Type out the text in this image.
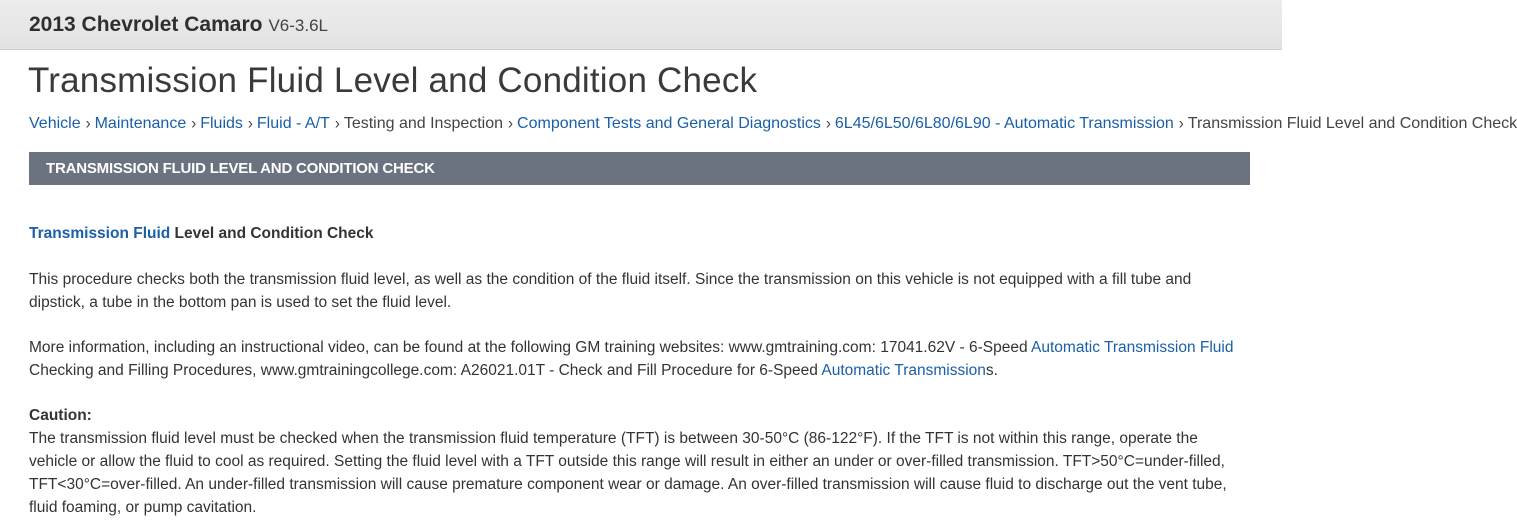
2013 Chevrolet Camaro V6-3.6L
Transmission Fluid Level and Condition Check
Vehicle › Maintenance › Fluids › Fluid - A/T › Testing and Inspection › Component Tests and General Diagnostics › 6L45/6L50/6L80/6L90 - Automatic Transmission › Transmission Fluid Level and Condition Check
TRANSMISSION FLUID LEVEL AND CONDITION CHECK

Transmission Fluid Level and Condition Check

This procedure checks both the transmission fluid level, as well as the condition of the fluid itself. Since the transmission on this vehicle is not equipped with a fill tube and dipstick, a tube in the bottom pan is used to set the fluid level.

More information, including an instructional video, can be found at the following GM training websites: www.gmtraining.com: 17041.62V - 6-Speed Automatic Transmission Fluid Checking and Filling Procedures, www.gmtrainingcollege.com: A26021.01T - Check and Fill Procedure for 6-Speed Automatic Transmissions.

Caution:
The transmission fluid level must be checked when the transmission fluid temperature (TFT) is between 30-50°C (86-122°F). If the TFT is not within this range, operate the vehicle or allow the fluid to cool as required. Setting the fluid level with a TFT outside this range will result in either an under or over-filled transmission. TFT>50°C=under-filled, TFT<30°C=over-filled. An under-filled transmission will cause premature component wear or damage. An over-filled transmission will cause fluid to discharge out the vent tube, fluid foaming, or pump cavitation.
